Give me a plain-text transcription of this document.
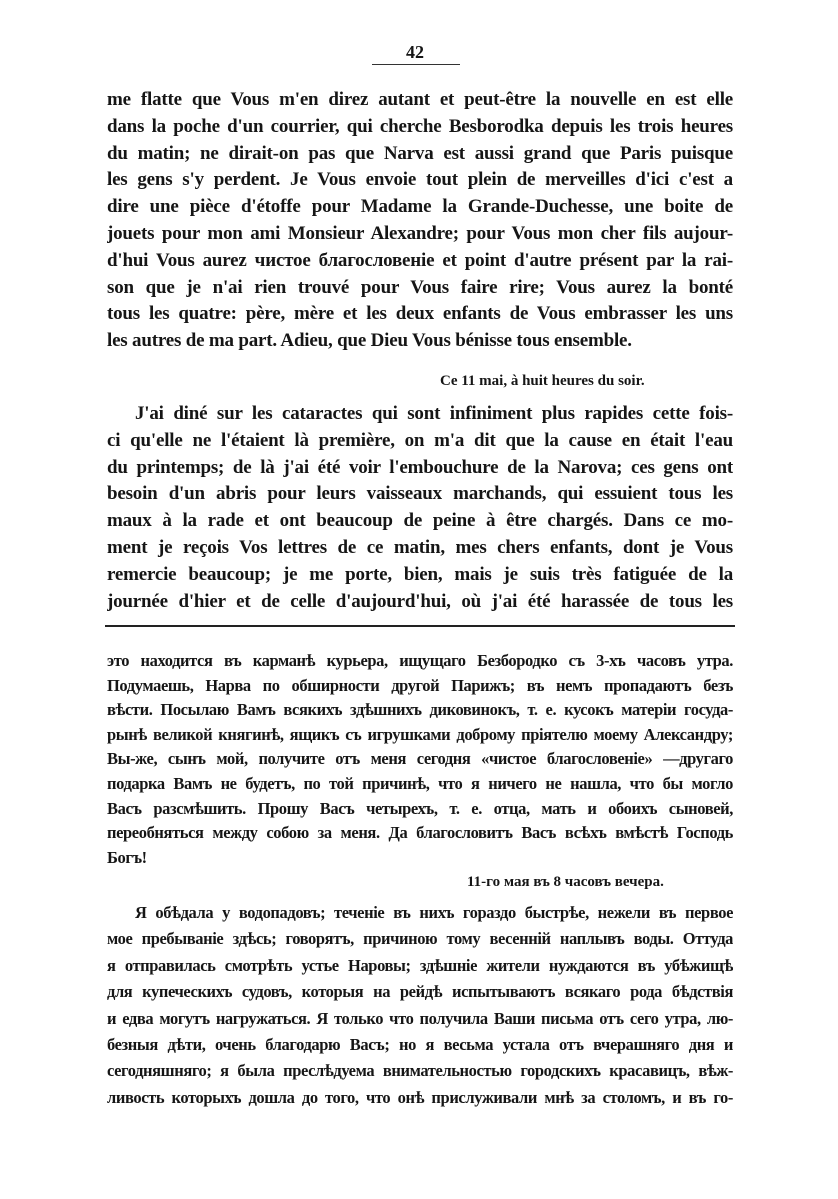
42
me flatte que Vous m'en direz autant et peut-être la nouvelle en est elle
dans la poche d'un courrier, qui cherche Besborodka depuis les trois heures
du matin; ne dirait-on pas que Narva est aussi grand que Paris puisque
les gens s'y perdent. Je Vous envoie tout plein de merveilles d'ici c'est a
dire une pièce d'étoffe pour Madame la Grande-Duchesse, une boite de
jouets pour mon ami Monsieur Alexandre; pour Vous mon cher fils aujour-
d'hui Vous aurez чистое благословенiе et point d'autre présent par la rai-
son que je n'ai rien trouvé pour Vous faire rire; Vous aurez la bonté
tous les quatre: père, mère et les deux enfants de Vous embrasser les uns
les autres de ma part. Adieu, que Dieu Vous bénisse tous ensemble.
Ce 11 mai, à huit heures du soir.
J'ai diné sur les cataractes qui sont infiniment plus rapides cette fois-
ci qu'elle ne l'étaient là première, on m'a dit que la cause en était l'eau
du printemps; de là j'ai été voir l'embouchure de la Narova; ces gens ont
besoin d'un abris pour leurs vaisseaux marchands, qui essuient tous les
maux à la rade et ont beaucoup de peine à être chargés. Dans ce mo-
ment je reçois Vos lettres de ce matin, mes chers enfants, dont je Vous
remercie beaucoup; je me porte, bien, mais je suis très fatiguée de la
journée d'hier et de celle d'aujourd'hui, où j'ai été harassée de tous les
это находится въ карманѣ курьера, ищущаго Безбородко съ 3-хъ часовъ утра.
Подумаешь, Нарва по обширности другой Парижъ; въ немъ пропадаютъ безъ
вѣсти. Посылаю Вамъ всякихъ здѣшнихъ диковинокъ, т. е. кусокъ матерiи госуда-
рынѣ великой княгинѣ, ящикъ съ игрушками доброму прiятелю моему Александру;
Вы-же, сынъ мой, получите отъ меня сегодня «чистое благословенiе» —другаго
подарка Вамъ не будетъ, по той причинѣ, что я ничего не нашла, что бы могло
Васъ разсмѣшить. Прошу Васъ четырехъ, т. е. отца, мать и обоихъ сыновей,
переобняться между собою за меня. Да благословитъ Васъ всѣхъ вмѣстѣ Господь
Богъ!
11-го мая въ 8 часовъ вечера.
Я обѣдала у водопадовъ; теченiе въ нихъ гораздо быстрѣе, нежели въ первое
мое пребыванiе здѣсь; говорятъ, причиною тому весеннiй наплывъ воды. Оттуда
я отправилась смотрѣть устье Наровы; здѣшнiе жители нуждаются въ убѣжищѣ
для купеческихъ судовъ, которыя на рейдѣ испытываютъ всякаго рода бѣдствiя
и едва могутъ нагружаться. Я только что получила Ваши письма отъ сего утра, лю-
безныя дѣти, очень благодарю Васъ; но я весьма устала отъ вчерашняго дня и
сегодняшняго; я была преслѣдуема внимательностью городскихъ красавицъ, вѣж-
ливость которыхъ дошла до того, что онѣ прислуживали мнѣ за столомъ, и въ го-
